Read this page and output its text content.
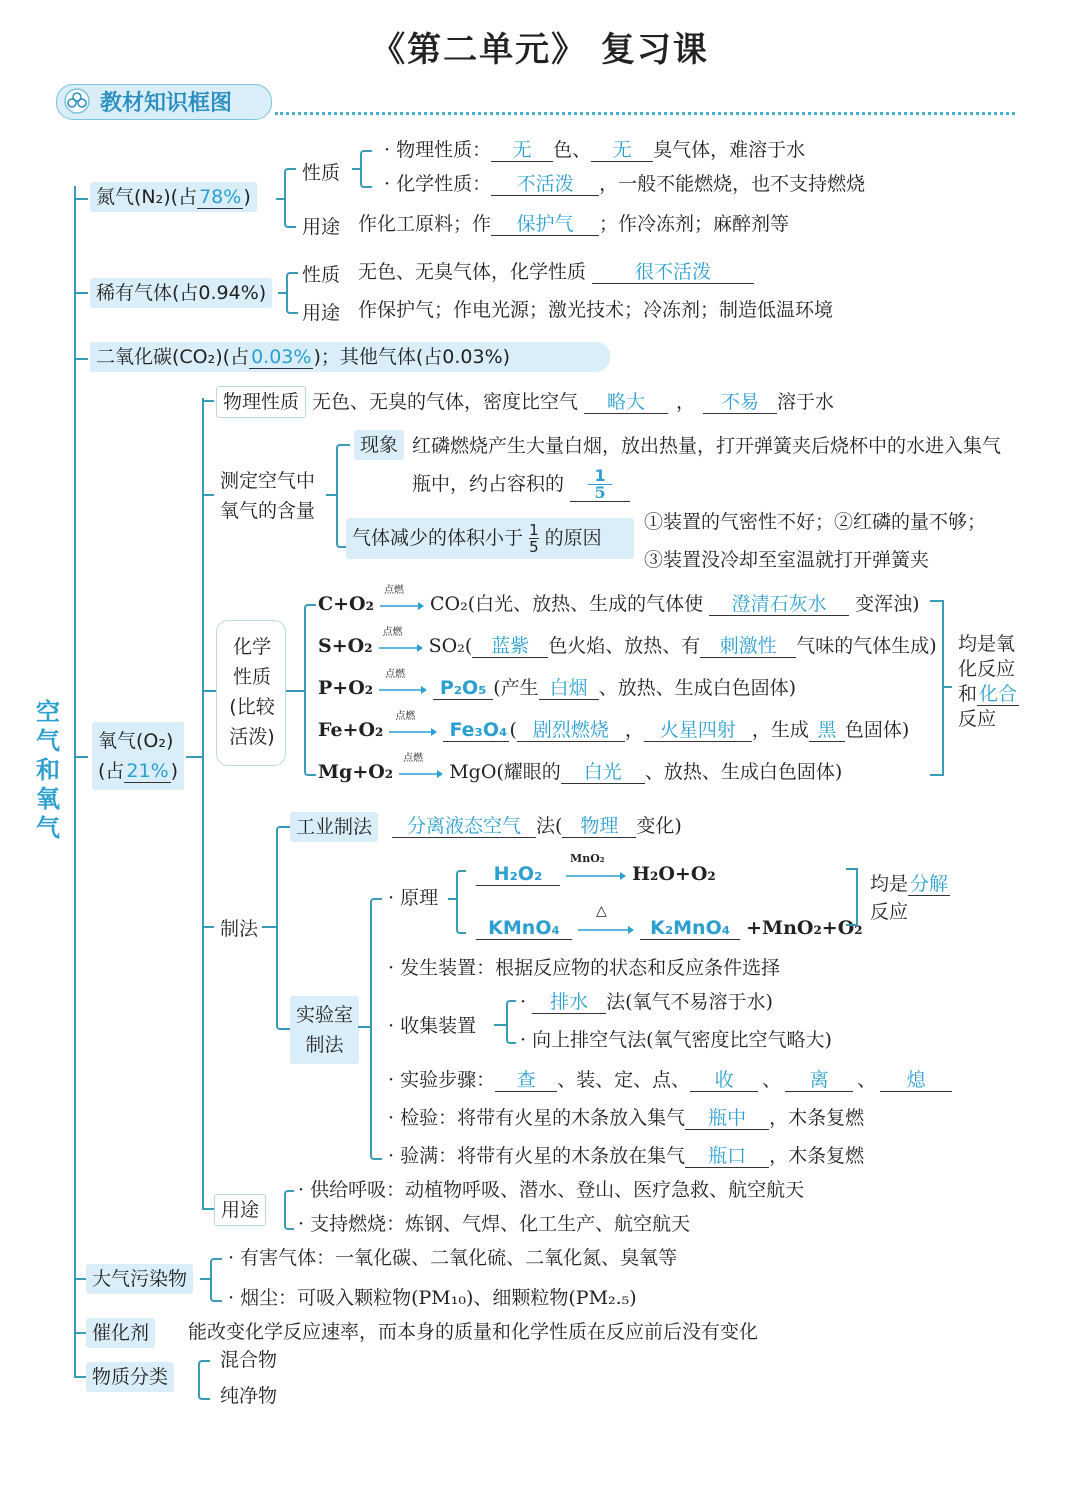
《第二单元》 复习课
教材知识框图
空气和氧气
氮气(N₂)(占 78% )
性质
· 物理性质： 无 色、 无 臭气体，难溶于水
· 化学性质： 不活泼 ，一般不能燃烧，也不支持燃烧
用途 作化工原料；作 保护气 ；作冷冻剂；麻醉剂等
稀有气体(占0.94%)
性质 无色、无臭气体，化学性质	很不活泼
用途 作保护气；作电光源；激光技术；冷冻剂；制造低温环境
二氧化碳(CO₂)(占 0.03% )；其他气体(占0.03%)
氧气(O₂)
(占 21% )
物理性质 无色、无臭的气体，密度比空气 略大 ， 不易 溶于水
测定空气中
氧气的含量
现象 红磷燃烧产生大量白烟，放出热量，打开弹簧夹后烧杯中的水进入集气
瓶中，约占容积的 $\frac{1}{5}$
气体减少的体积小于 $\frac{1}{5}$ 的原因
①装置的气密性不好；②红磷的量不够；
③装置没冷却至室温就打开弹簧夹
化学
性质
(比较
活泼)
C+O₂
点燃
CO₂(白光、放热、生成的气体使 澄清石灰水 变浑浊)
S+O₂
点燃
SO₂( 蓝紫 色火焰、放热、有 刺激性 气味的气体生成)
P+O₂
点燃
P₂O₅ (产生 白烟 、放热、生成白色固体)
Fe+O₂
点燃
Fe₃O₄ ( 剧烈燃烧 ， 火星四射 ，生成 黑 色固体)
Mg+O₂
点燃
MgO(耀眼的 白光 、放热、生成白色固体)
均是氧
化反应
和 化合
反应
制法
工业制法	分离液态空气 法( 物理 变化)
实验室
制法
· 原理
H₂O₂
MnO₂
H₂O+O₂
KMnO₄
△
K₂MnO₄ +MnO₂+O₂
均是 分解
反应
· 发生装置：根据反应物的状态和反应条件选择
· 收集装置
· 排水 法(氧气不易溶于水)
· 向上排空气法(氧气密度比空气略大)
· 实验步骤： 查 、装、定、点、 收 、 离 、 熄
· 检验：将带有火星的木条放入集气 瓶中 ，木条复燃
· 验满：将带有火星的木条放在集气 瓶口 ，木条复燃
用途
· 供给呼吸：动植物呼吸、潜水、登山、医疗急救、航空航天
· 支持燃烧：炼钢、气焊、化工生产、航空航天
大气污染物
· 有害气体：一氧化碳、二氧化硫、二氧化氮、臭氧等
· 烟尘：可吸入颗粒物(PM₁₀)、细颗粒物(PM₂.₅)
催化剂	能改变化学反应速率，而本身的质量和化学性质在反应前后没有变化
物质分类
混合物
纯净物
